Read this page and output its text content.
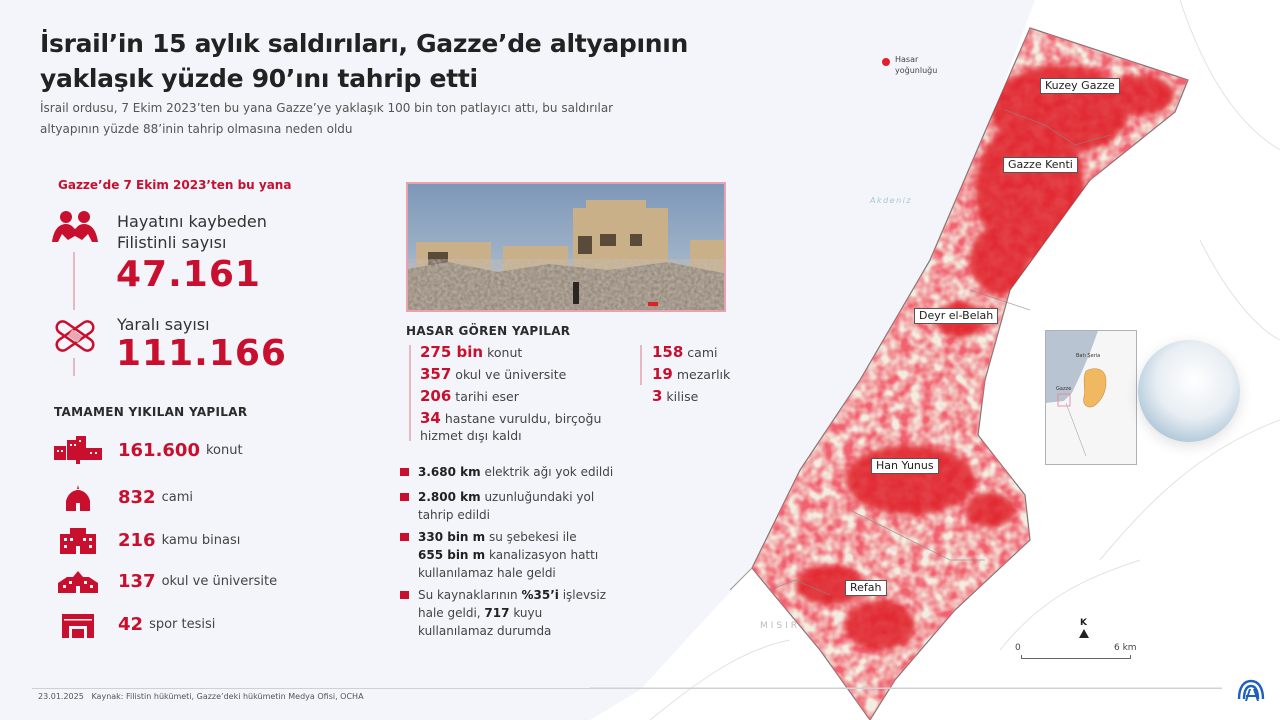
İsrail’in 15 aylık saldırıları, Gazze’de altyapının
yaklaşık yüzde 90’ını tahrip etti
İsrail ordusu, 7 Ekim 2023’ten bu yana Gazze’ye yaklaşık 100 bin ton patlayıcı attı, bu saldırılar altyapının yüzde 88’inin tahrip olmasına neden oldu
Gazze’de 7 Ekim 2023’ten bu yana
Hayatını kaybeden
Filistinli sayısı
47.161
Yaralı sayısı
111.166
TAMAMEN YIKILAN YAPILAR
161.600 konut
832 cami
216 kamu binası
137 okul ve üniversite
42 spor tesisi
HASAR GÖREN YAPILAR
275 bin konut
357 okul ve üniversite
206 tarihi eser
158 cami
19 mezarlık
3 kilise
34 hastane vuruldu, birçoğu
hizmet dışı kaldı
3.680 km elektrik ağı yok edildi
2.800 km uzunluğundaki yol
tahrip edildi
330 bin m su şebekesi ile
655 bin m kanalizasyon hattı
kullanılamaz hale geldi
Su kaynaklarının %35’i işlevsiz
hale geldi, 717 kuyu
kullanılamaz durumda
Hasar
yoğunluğu
Akdeniz
MISIR
Kuzey Gazze
Gazze Kenti
Deyr el-Belah
Han Yunus
Refah
Batı Şeria
Gazze
K
0	6 km
23.01.2025 Kaynak: Filistin hükümeti, Gazze’deki hükümetin Medya Ofisi, OCHA
